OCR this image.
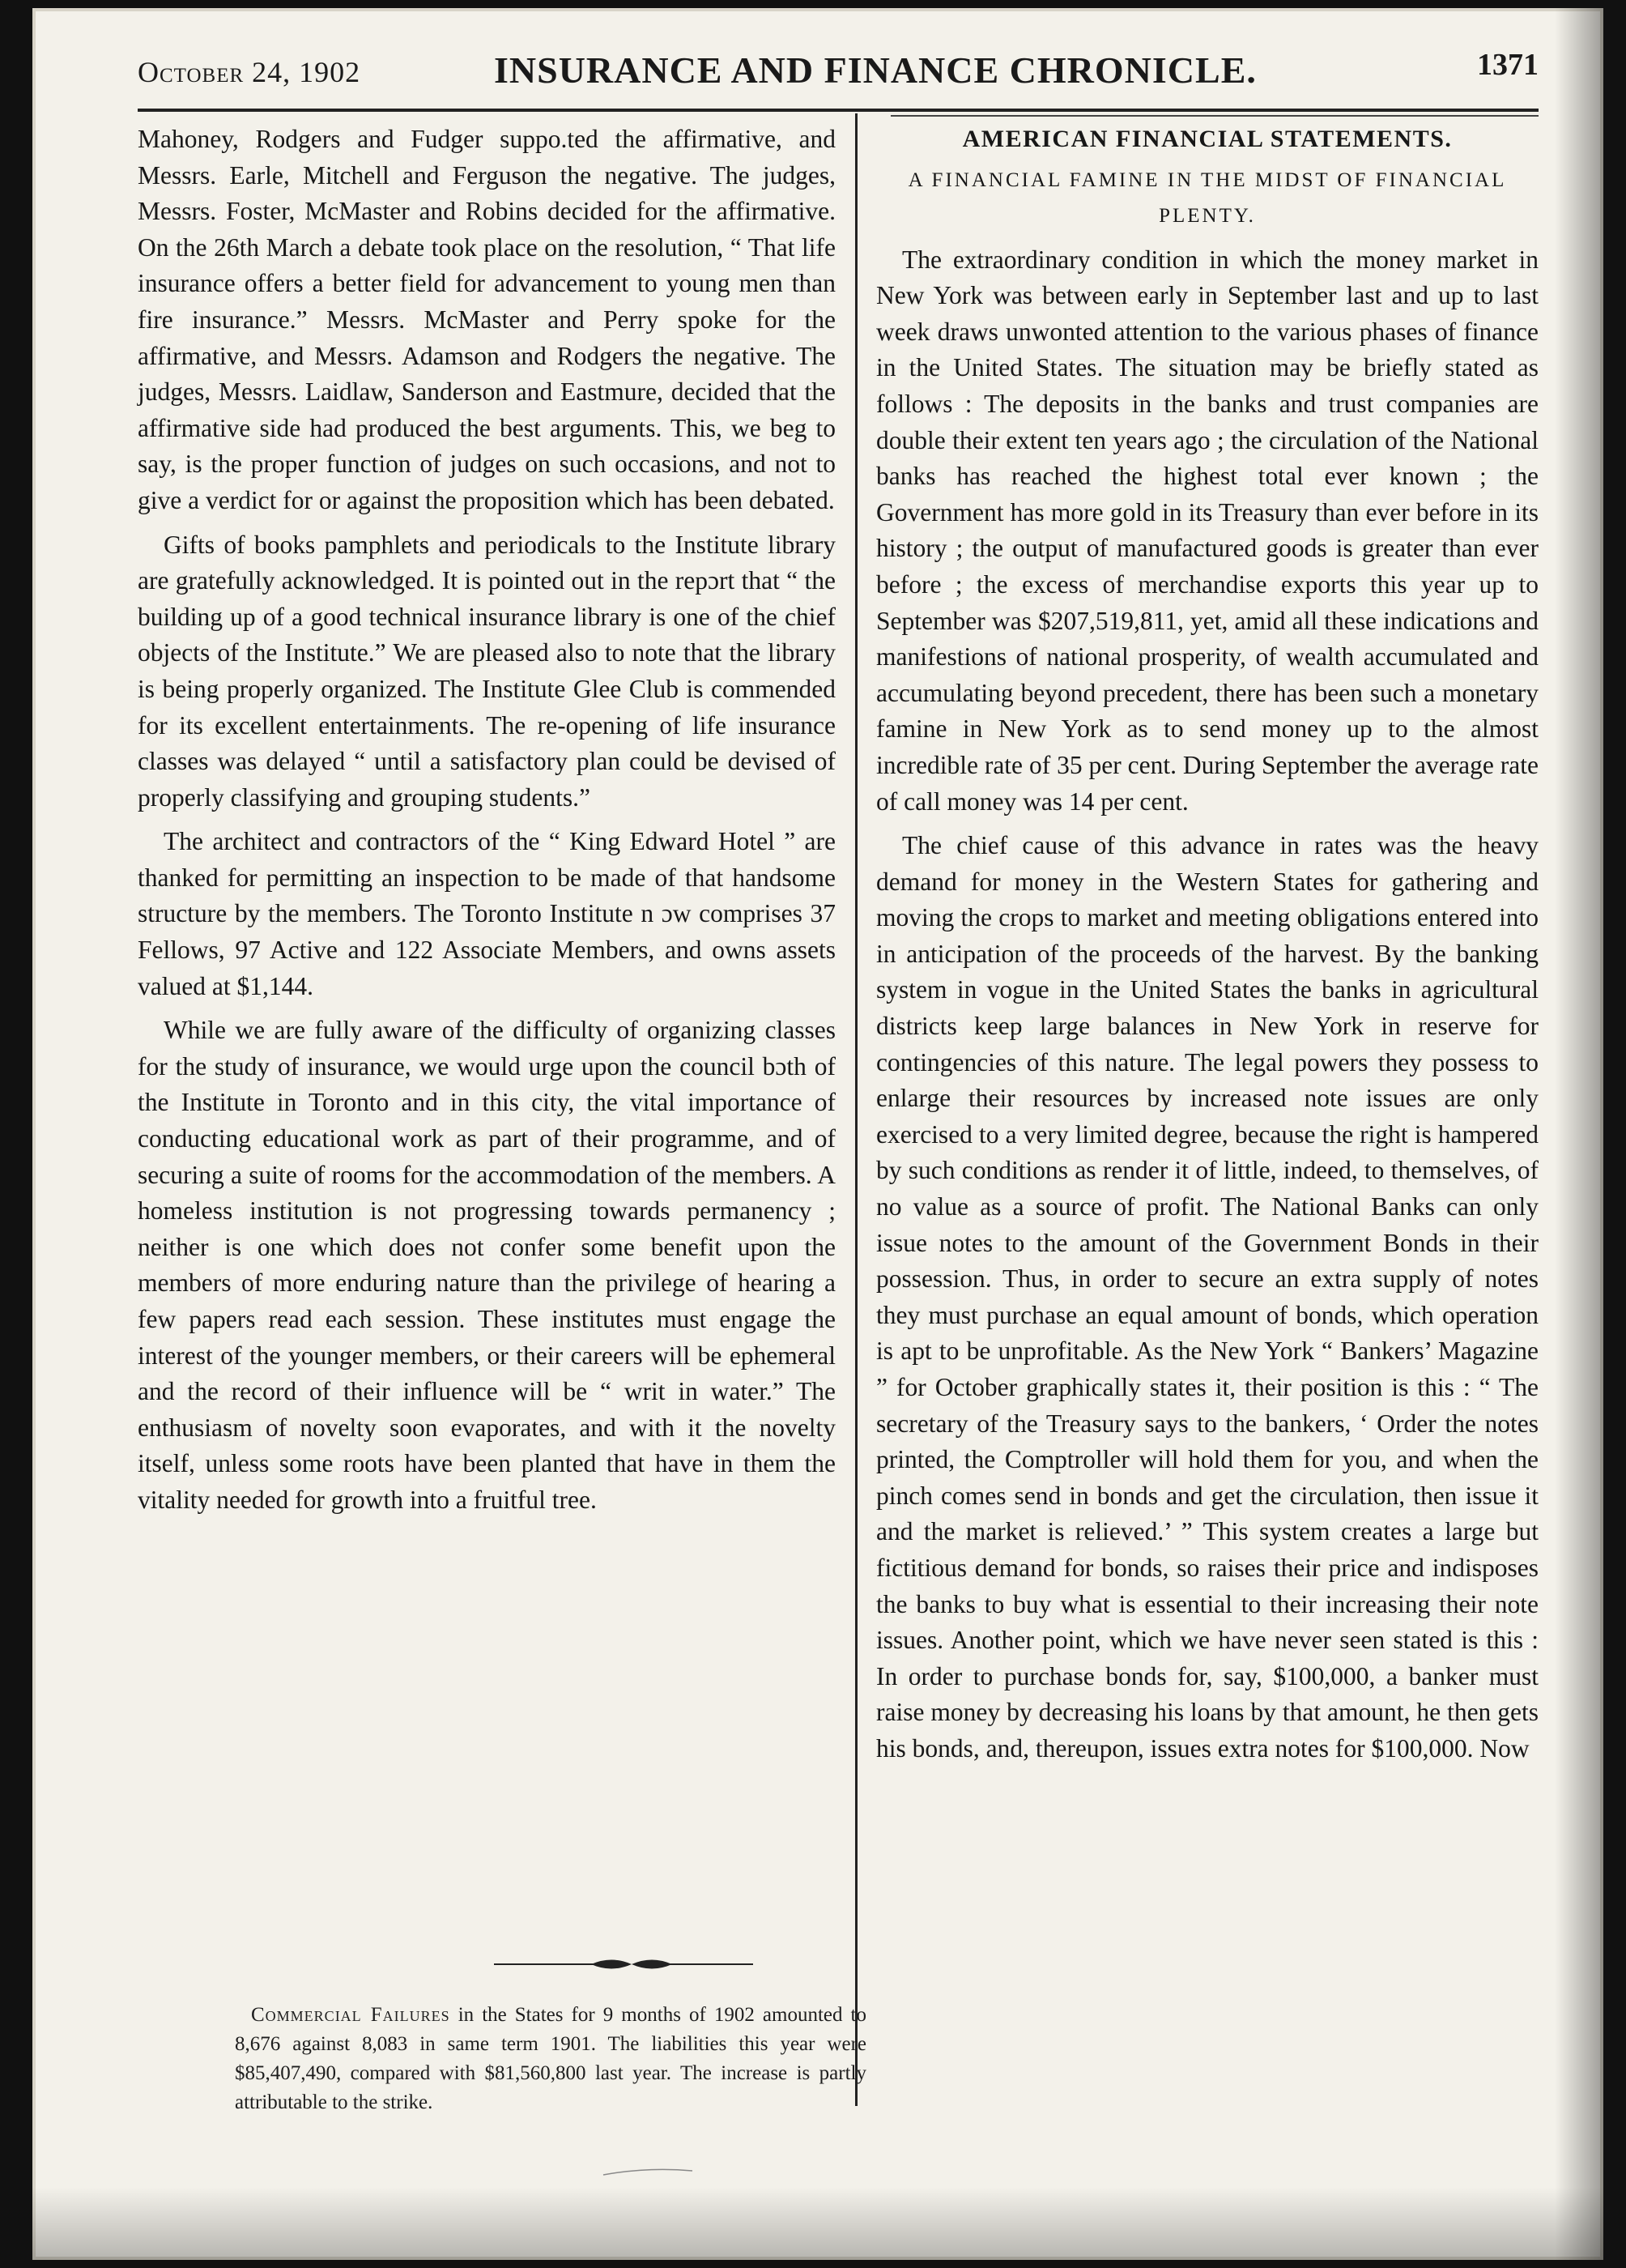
October 24, 1902	INSURANCE AND FINANCE CHRONICLE.	1371

Mahoney, Rodgers and Fudger suppo.ted the affirmative, and Messrs. Earle, Mitchell and Ferguson the negative. The judges, Messrs. Foster, McMaster and Robins decided for the affirmative. On the 26th March a debate took place on the resolution, “ That life insurance offers a better field for advancement to young men than fire insurance.” Messrs. McMaster and Perry spoke for the affirmative, and Messrs. Adamson and Rodgers the negative. The judges, Messrs. Laidlaw, Sanderson and Eastmure, decided that the affirmative side had produced the best arguments. This, we beg to say, is the proper function of judges on such occasions, and not to give a verdict for or against the proposition which has been debated.

Gifts of books pamphlets and periodicals to the Institute library are gratefully acknowledged. It is pointed out in the repɔrt that “ the building up of a good technical insurance library is one of the chief objects of the Institute.” We are pleased also to note that the library is being properly organized. The Institute Glee Club is commended for its excellent entertainments. The re-opening of life insurance classes was delayed “ until a satisfactory plan could be devised of properly classifying and grouping students.”

The architect and contractors of the “ King Edward Hotel ” are thanked for permitting an inspection to be made of that handsome structure by the members. The Toronto Institute n ɔw comprises 37 Fellows, 97 Active and 122 Associate Members, and owns assets valued at $1,144.

While we are fully aware of the difficulty of organizing classes for the study of insurance, we would urge upon the council bɔth of the Institute in Toronto and in this city, the vital importance of conducting educational work as part of their programme, and of securing a suite of rooms for the accommodation of the members. A homeless institution is not progressing towards permanency ; neither is one which does not confer some benefit upon the members of more enduring nature than the privilege of hearing a few papers read each session. These institutes must engage the interest of the younger members, or their careers will be ephemeral and the record of their influence will be “ writ in water.” The enthusiasm of novelty soon evaporates, and with it the novelty itself, unless some roots have been planted that have in them the vitality needed for growth into a fruitful tree.

Commercial Failures in the States for 9 months of 1902 amounted to 8,676 against 8,083 in same term 1901. The liabilities this year were $85,407,490, compared with $81,560,800 last year. The increase is partly attributable to the strike.
AMERICAN FINANCIAL STATEMENTS.
A FINANCIAL FAMINE IN THE MIDST OF FINANCIAL PLENTY.

The extraordinary condition in which the money market in New York was between early in September last and up to last week draws unwonted attention to the various phases of finance in the United States. The situation may be briefly stated as follows : The deposits in the banks and trust companies are double their extent ten years ago ; the circulation of the National banks has reached the highest total ever known ; the Government has more gold in its Treasury than ever before in its history ; the output of manufactured goods is greater than ever before ; the excess of merchandise exports this year up to September was $207,519,811, yet, amid all these indications and manifestions of national prosperity, of wealth accumulated and accumulating beyond precedent, there has been such a monetary famine in New York as to send money up to the almost incredible rate of 35 per cent. During September the average rate of call money was 14 per cent.

The chief cause of this advance in rates was the heavy demand for money in the Western States for gathering and moving the crops to market and meeting obligations entered into in anticipation of the proceeds of the harvest. By the banking system in vogue in the United States the banks in agricultural districts keep large balances in New York in reserve for contingencies of this nature. The legal powers they possess to enlarge their resources by increased note issues are only exercised to a very limited degree, because the right is hampered by such conditions as render it of little, indeed, to themselves, of no value as a source of profit. The National Banks can only issue notes to the amount of the Government Bonds in their possession. Thus, in order to secure an extra supply of notes they must purchase an equal amount of bonds, which operation is apt to be unprofitable. As the New York “ Bankers’ Magazine ” for October graphically states it, their position is this : “ The secretary of the Treasury says to the bankers, ‘ Order the notes printed, the Comptroller will hold them for you, and when the pinch comes send in bonds and get the circulation, then issue it and the market is relieved.’ ” This system creates a large but fictitious demand for bonds, so raises their price and indisposes the banks to buy what is essential to their increasing their note issues. Another point, which we have never seen stated is this : In order to purchase bonds for, say, $100,000, a banker must raise money by decreasing his loans by that amount, he then gets his bonds, and, thereupon, issues extra notes for $100,000. Now
